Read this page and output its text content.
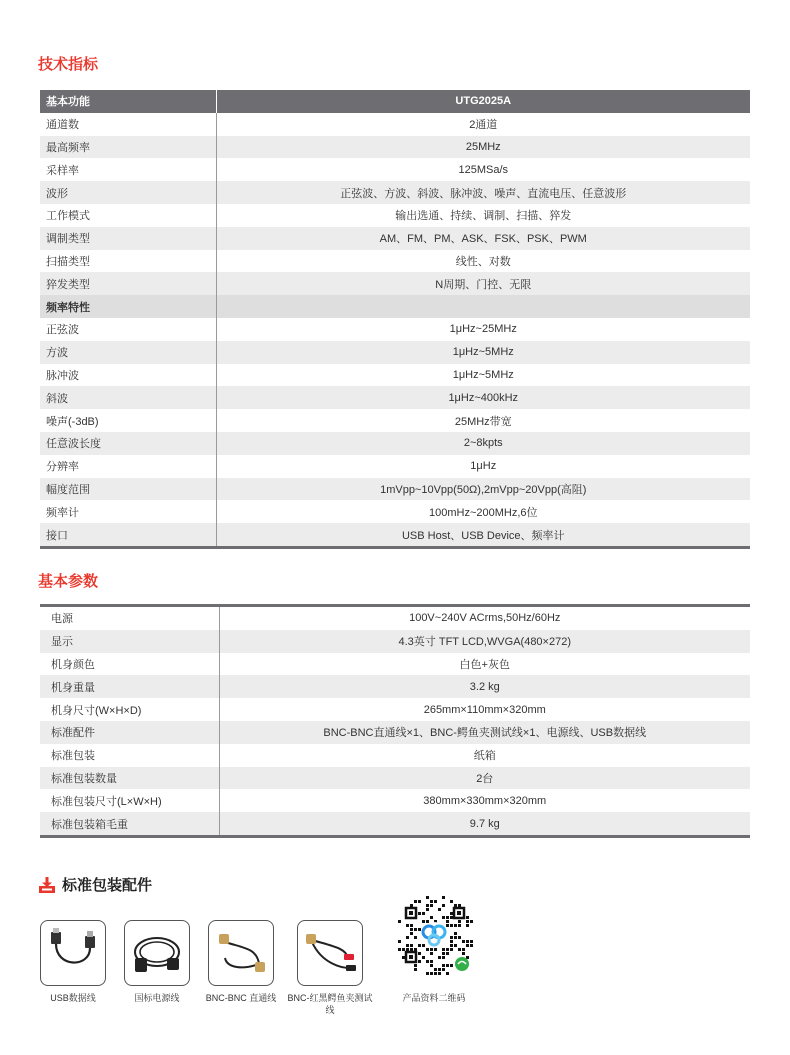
技术指标
基本功能	UTG2025A
通道数	2通道
最高频率	25MHz
采样率	125MSa/s
波形	正弦波、方波、斜波、脉冲波、噪声、直流电压、任意波形
工作模式	输出选通、持续、调制、扫描、猝发
调制类型	AM、FM、PM、ASK、FSK、PSK、PWM
扫描类型	线性、对数
猝发类型	N周期、门控、无限
频率特性	
正弦波	1μHz~25MHz
方波	1μHz~5MHz
脉冲波	1μHz~5MHz
斜波	1μHz~400kHz
噪声(-3dB)	25MHz带宽
任意波长度	2~8kpts
分辨率	1μHz
幅度范围	1mVpp~10Vpp(50Ω),2mVpp~20Vpp(高阻)
频率计	100mHz~200MHz,6位
接口	USB Host、USB Device、频率计
基本参数
电源	100V~240V ACrms,50Hz/60Hz
显示	4.3英寸 TFT LCD,WVGA(480×272)
机身颜色	白色+灰色
机身重量	3.2 kg
机身尺寸(W×H×D)	265mm×110mm×320mm
标准配件	BNC-BNC直通线×1、BNC-鳄鱼夹测试线×1、电源线、USB数据线
标准包装	纸箱
标准包装数量	2台
标准包装尺寸(L×W×H)	380mm×330mm×320mm
标准包装箱毛重	9.7 kg
标准包装配件
USB数据线	国标电源线	BNC-BNC 直通线	BNC-红黑鳄鱼夹测试线
产品资料二维码
